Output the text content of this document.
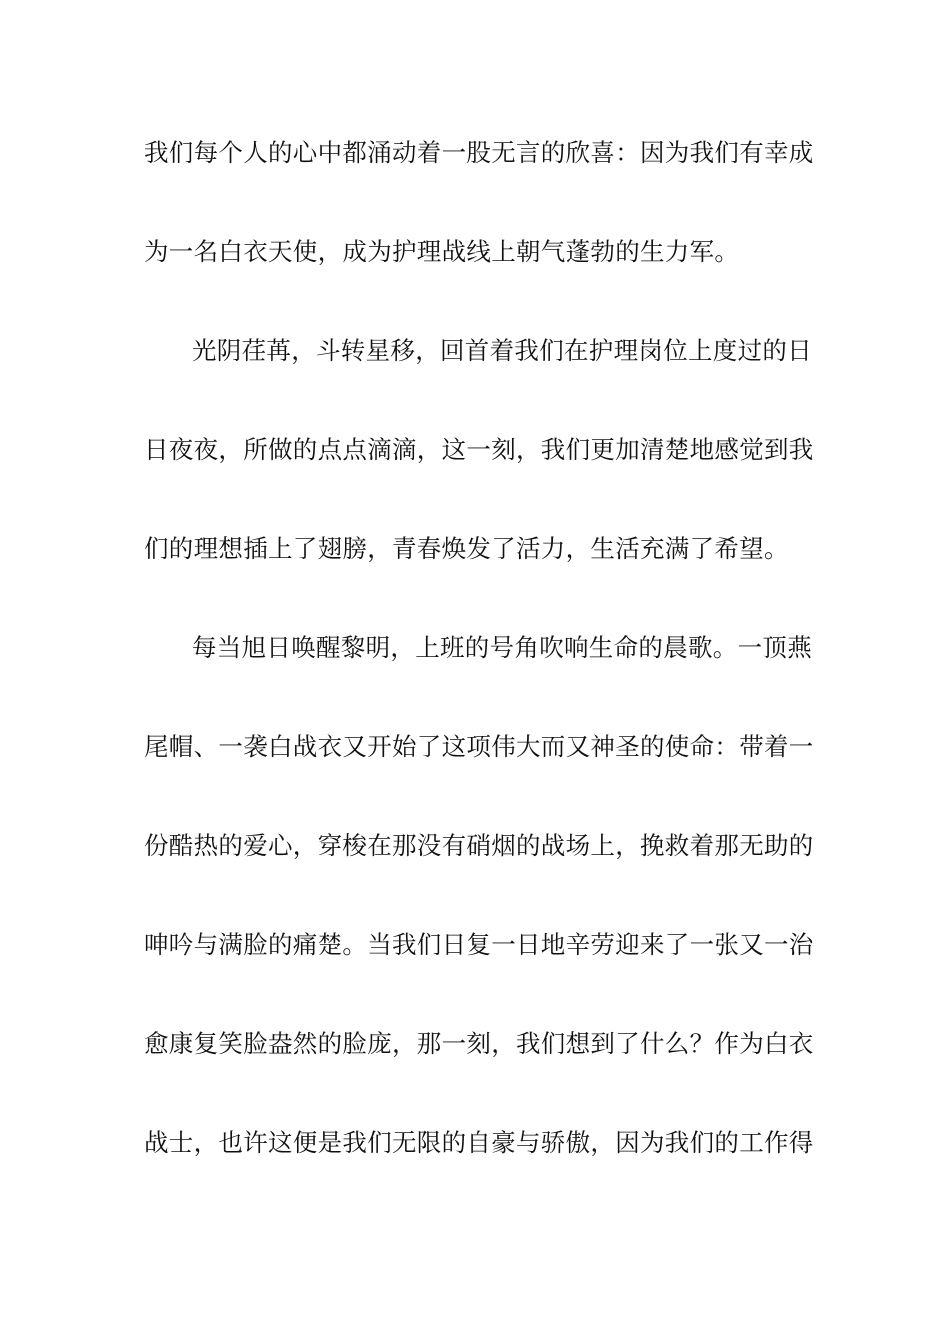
我们每个人的心中都涌动着一股无言的欣喜：因为我们有幸成
为一名白衣天使，成为护理战线上朝气蓬勃的生力军。
光阴荏苒，斗转星移，回首着我们在护理岗位上度过的日
日夜夜，所做的点点滴滴，这一刻，我们更加清楚地感觉到我
们的理想插上了翅膀，青春焕发了活力，生活充满了希望。
每当旭日唤醒黎明，上班的号角吹响生命的晨歌。一顶燕
尾帽、一袭白战衣又开始了这项伟大而又神圣的使命：带着一
份酷热的爱心，穿梭在那没有硝烟的战场上，挽救着那无助的
呻吟与满脸的痛楚。当我们日复一日地辛劳迎来了一张又一治
愈康复笑脸盎然的脸庞，那一刻，我们想到了什么？作为白衣
战士，也许这便是我们无限的自豪与骄傲，因为我们的工作得
